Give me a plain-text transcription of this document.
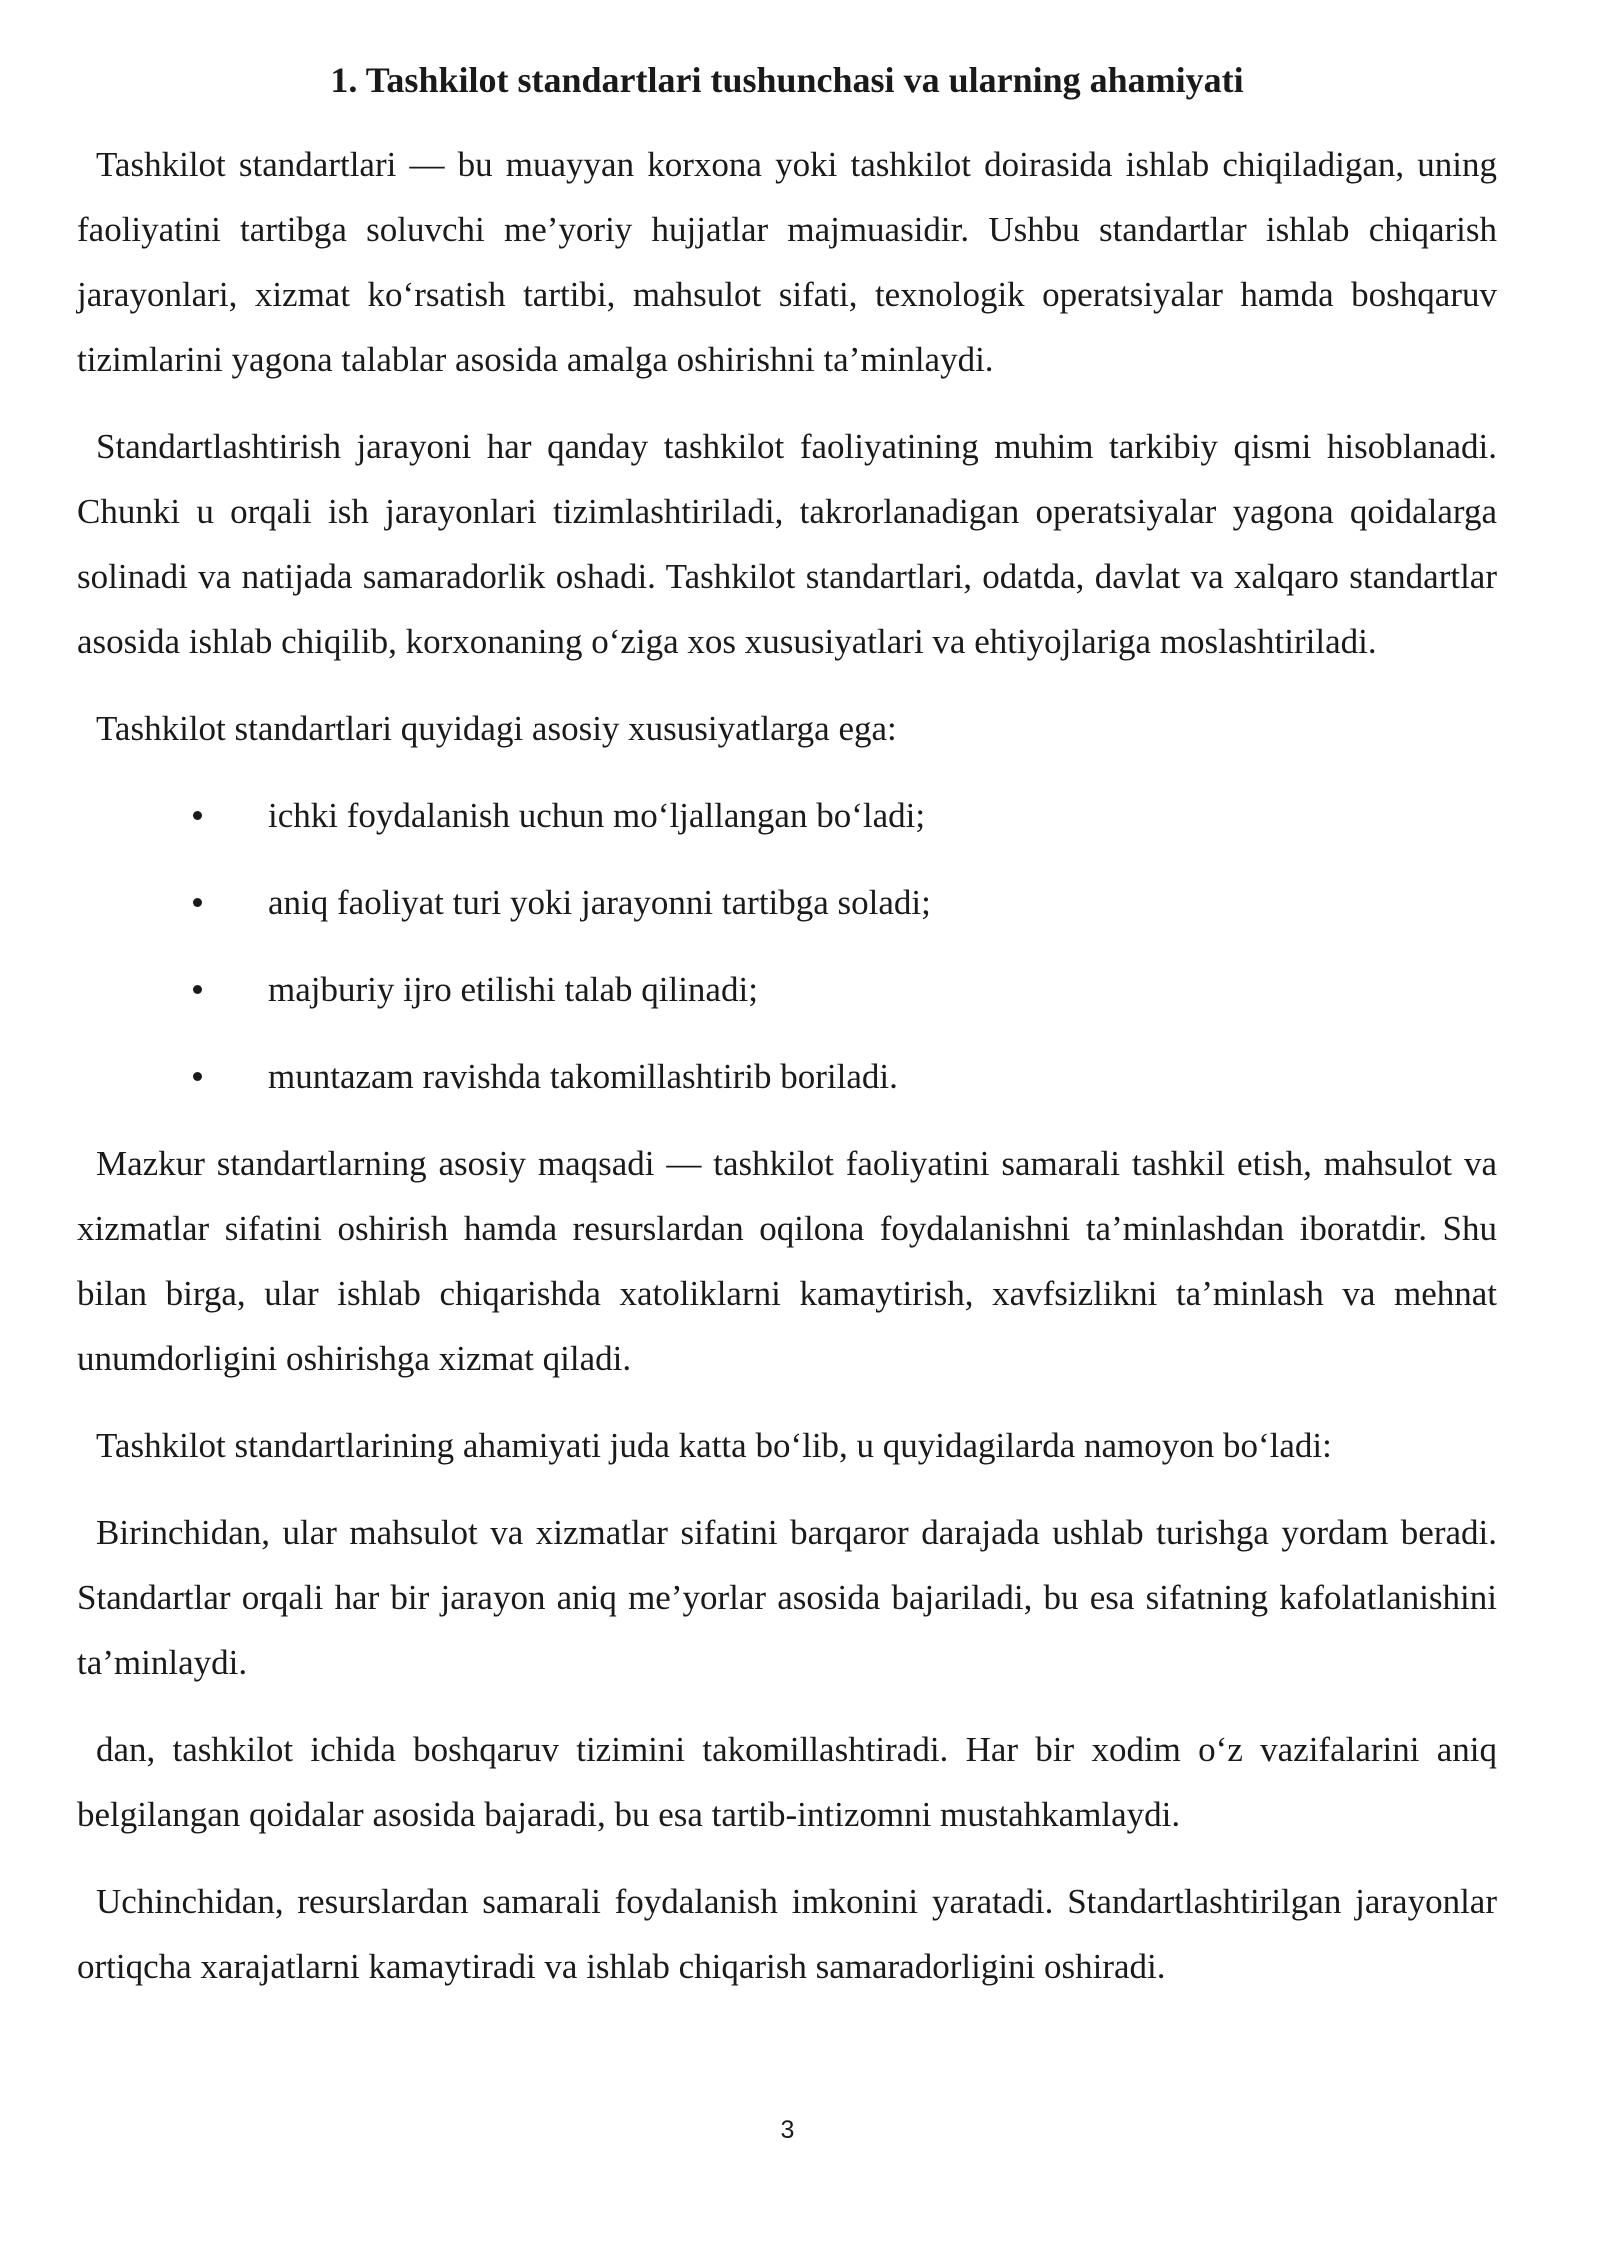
1. Tashkilot standartlari tushunchasi va ularning ahamiyati

Tashkilot standartlari — bu muayyan korxona yoki tashkilot doirasida ishlab chiqiladigan, uning faoliyatini tartibga soluvchi me’yoriy hujjatlar majmuasidir. Ushbu standartlar ishlab chiqarish jarayonlari, xizmat ko‘rsatish tartibi, mahsulot sifati, texnologik operatsiyalar hamda boshqaruv tizimlarini yagona talablar asosida amalga oshirishni ta’minlaydi.

Standartlashtirish jarayoni har qanday tashkilot faoliyatining muhim tarkibiy qismi hisoblanadi. Chunki u orqali ish jarayonlari tizimlashtiriladi, takrorlanadigan operatsiyalar yagona qoidalarga solinadi va natijada samaradorlik oshadi. Tashkilot standartlari, odatda, davlat va xalqaro standartlar asosida ishlab chiqilib, korxonaning o‘ziga xos xususiyatlari va ehtiyojlariga moslashtiriladi.

Tashkilot standartlari quyidagi asosiy xususiyatlarga ega:

ichki foydalanish uchun mo‘ljallangan bo‘ladi;
aniq faoliyat turi yoki jarayonni tartibga soladi;
majburiy ijro etilishi talab qilinadi;
muntazam ravishda takomillashtirib boriladi.

Mazkur standartlarning asosiy maqsadi — tashkilot faoliyatini samarali tashkil etish, mahsulot va xizmatlar sifatini oshirish hamda resurslardan oqilona foydalanishni ta’minlashdan iboratdir. Shu bilan birga, ular ishlab chiqarishda xatoliklarni kamaytirish, xavfsizlikni ta’minlash va mehnat unumdorligini oshirishga xizmat qiladi.

Tashkilot standartlarining ahamiyati juda katta bo‘lib, u quyidagilarda namoyon bo‘ladi:

Birinchidan, ular mahsulot va xizmatlar sifatini barqaror darajada ushlab turishga yordam beradi. Standartlar orqali har bir jarayon aniq me’yorlar asosida bajariladi, bu esa sifatning kafolatlanishini ta’minlaydi.

dan, tashkilot ichida boshqaruv tizimini takomillashtiradi. Har bir xodim o‘z vazifalarini aniq belgilangan qoidalar asosida bajaradi, bu esa tartib-intizomni mustahkamlaydi.

Uchinchidan, resurslardan samarali foydalanish imkonini yaratadi. Standartlashtirilgan jarayonlar ortiqcha xarajatlarni kamaytiradi va ishlab chiqarish samaradorligini oshiradi.

3
